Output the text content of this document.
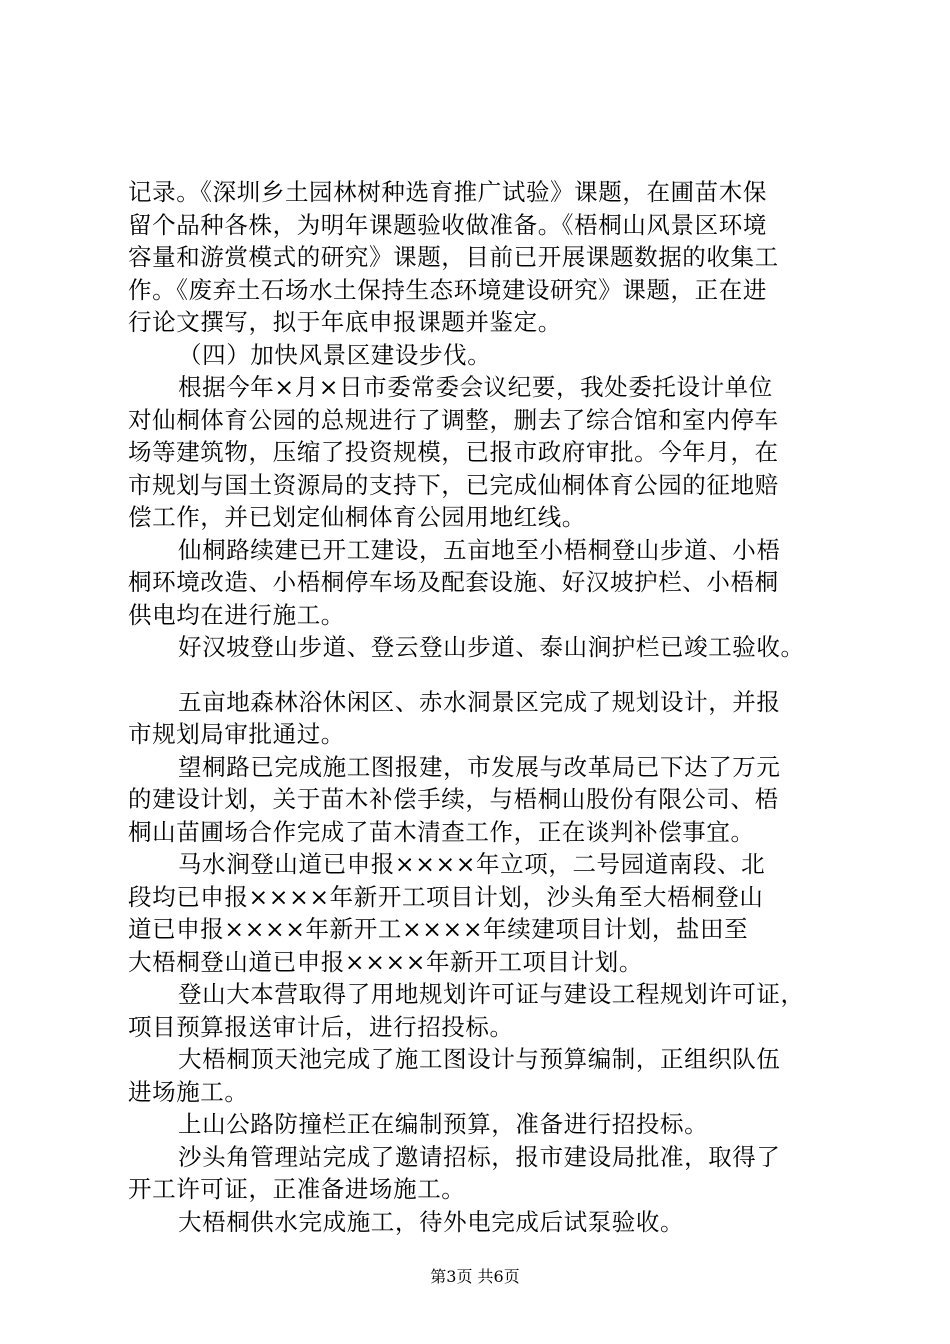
记录。《深圳乡土园林树种选育推广试验》课题，在圃苗木保
留个品种各株，为明年课题验收做准备。《梧桐山风景区环境
容量和游赏模式的研究》课题，目前已开展课题数据的收集工
作。《废弃土石场水土保持生态环境建设研究》课题，正在进
行论文撰写，拟于年底申报课题并鉴定。
（四）加快风景区建设步伐。
根据今年×月×日市委常委会议纪要，我处委托设计单位
对仙桐体育公园的总规进行了调整，删去了综合馆和室内停车
场等建筑物，压缩了投资规模，已报市政府审批。今年月，在
市规划与国土资源局的支持下，已完成仙桐体育公园的征地赔
偿工作，并已划定仙桐体育公园用地红线。
仙桐路续建已开工建设，五亩地至小梧桐登山步道、小梧
桐环境改造、小梧桐停车场及配套设施、好汉坡护栏、小梧桐
供电均在进行施工。
好汉坡登山步道、登云登山步道、泰山涧护栏已竣工验收。
五亩地森林浴休闲区、赤水洞景区完成了规划设计，并报
市规划局审批通过。
望桐路已完成施工图报建，市发展与改革局已下达了万元
的建设计划，关于苗木补偿手续，与梧桐山股份有限公司、梧
桐山苗圃场合作完成了苗木清查工作，正在谈判补偿事宜。
马水涧登山道已申报××××年立项，二号园道南段、北
段均已申报××××年新开工项目计划，沙头角至大梧桐登山
道已申报××××年新开工××××年续建项目计划，盐田至
大梧桐登山道已申报××××年新开工项目计划。
登山大本营取得了用地规划许可证与建设工程规划许可证，
项目预算报送审计后，进行招投标。
大梧桐顶天池完成了施工图设计与预算编制，正组织队伍
进场施工。
上山公路防撞栏正在编制预算，准备进行招投标。
沙头角管理站完成了邀请招标，报市建设局批准，取得了
开工许可证，正准备进场施工。
大梧桐供水完成施工，待外电完成后试泵验收。
第3页 共6页
